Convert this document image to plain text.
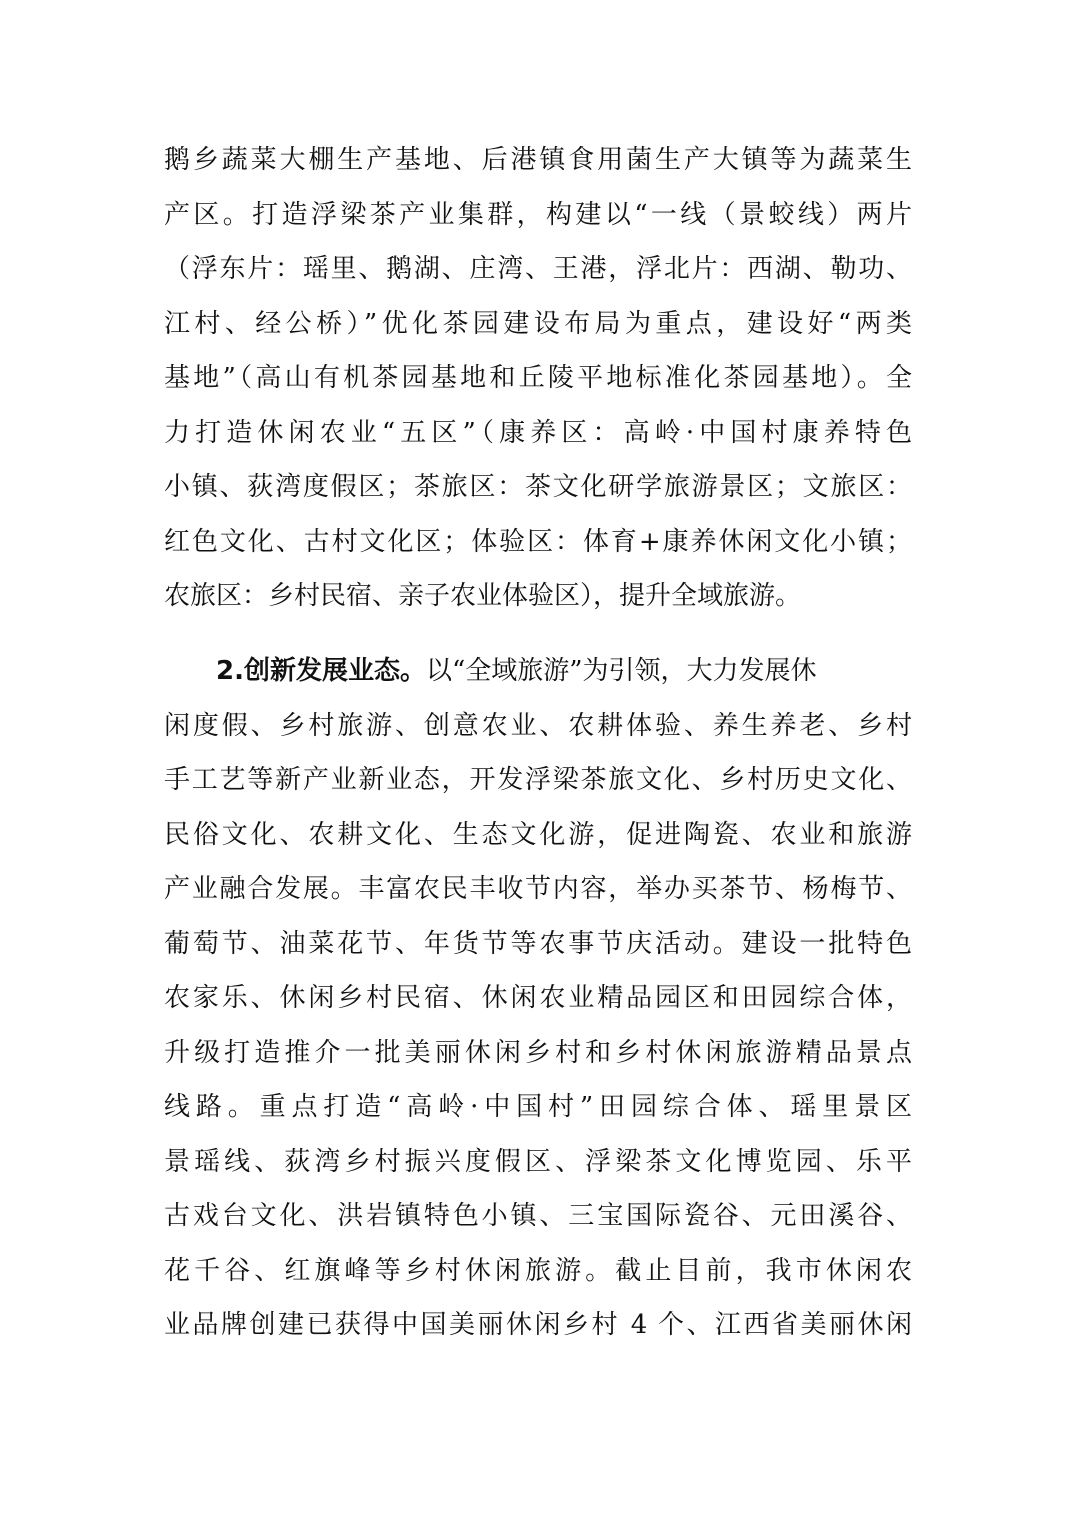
鹅乡蔬菜大棚生产基地、后港镇食用菌生产大镇等为蔬菜生
产区。打造浮梁茶产业集群，构建以“一线（景蛟线）两片
（浮东片：瑶里、鹅湖、庄湾、王港，浮北片：西湖、勒功、
江村、经公桥）”优化茶园建设布局为重点，建设好“两类
基地”（高山有机茶园基地和丘陵平地标准化茶园基地）。全
力打造休闲农业“五区”（康养区：高岭·中国村康养特色
小镇、荻湾度假区；茶旅区：茶文化研学旅游景区；文旅区：
红色文化、古村文化区；体验区：体育+康养休闲文化小镇；
农旅区：乡村民宿、亲子农业体验区），提升全域旅游。
2.创新发展业态。以“全域旅游”为引领，大力发展休
闲度假、乡村旅游、创意农业、农耕体验、养生养老、乡村
手工艺等新产业新业态，开发浮梁茶旅文化、乡村历史文化、
民俗文化、农耕文化、生态文化游，促进陶瓷、农业和旅游
产业融合发展。丰富农民丰收节内容，举办买茶节、杨梅节、
葡萄节、油菜花节、年货节等农事节庆活动。建设一批特色
农家乐、休闲乡村民宿、休闲农业精品园区和田园综合体，
升级打造推介一批美丽休闲乡村和乡村休闲旅游精品景点
线路。重点打造“高岭·中国村”田园综合体、瑶里景区
景瑶线、荻湾乡村振兴度假区、浮梁茶文化博览园、乐平
古戏台文化、洪岩镇特色小镇、三宝国际瓷谷、元田溪谷、
花千谷、红旗峰等乡村休闲旅游。截止目前，我市休闲农
业品牌创建已获得中国美丽休闲乡村 4 个、江西省美丽休闲
